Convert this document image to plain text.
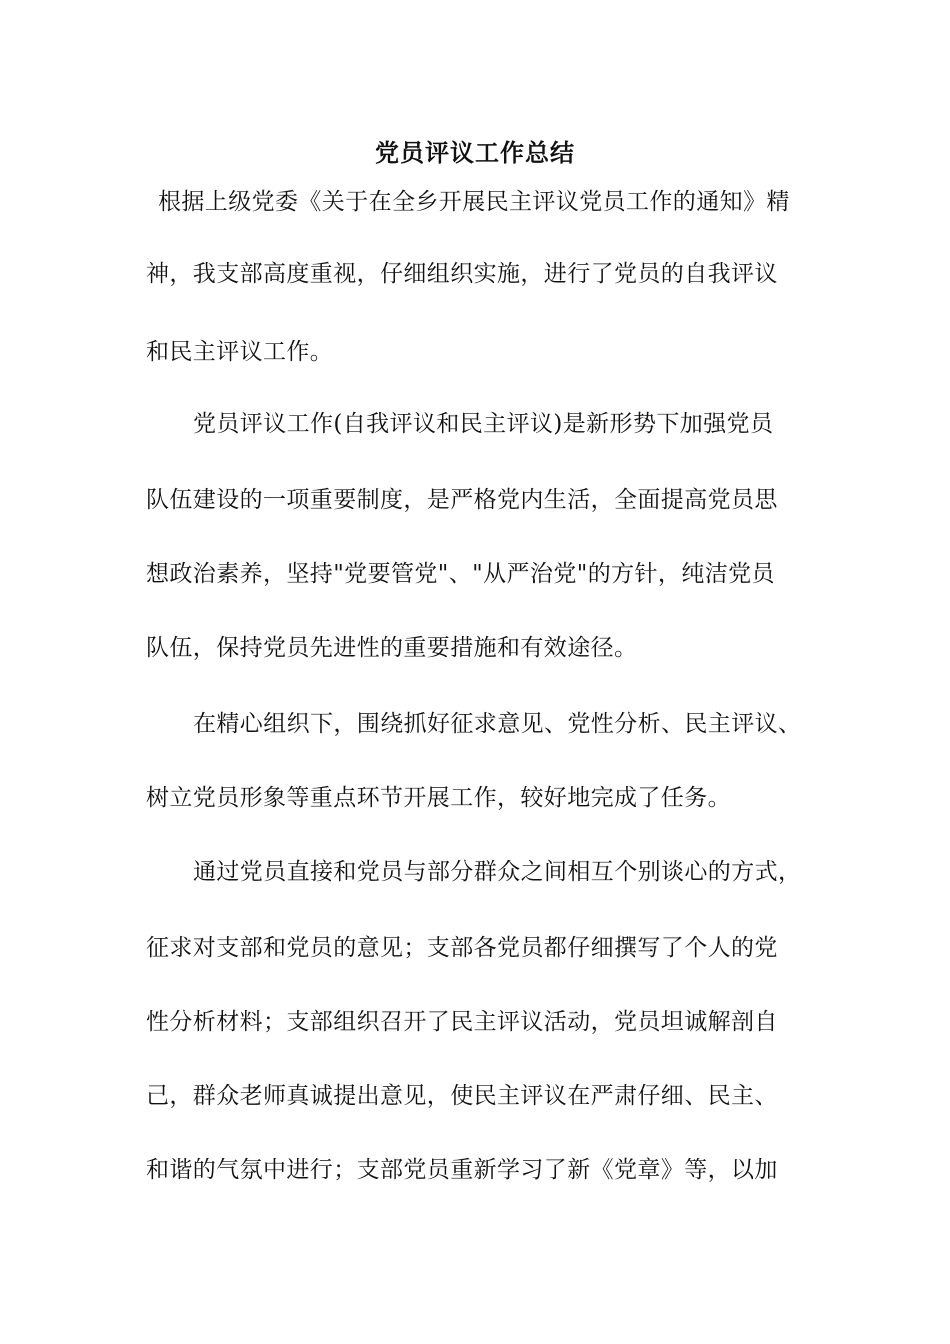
党员评议工作总结

根据上级党委《关于在全乡开展民主评议党员工作的通知》精

神，我支部高度重视，仔细组织实施，进行了党员的自我评议

和民主评议工作。

党员评议工作(自我评议和民主评议)是新形势下加强党员

队伍建设的一项重要制度，是严格党内生活，全面提高党员思

想政治素养，坚持"党要管党"、"从严治党"的方针，纯洁党员

队伍，保持党员先进性的重要措施和有效途径。

在精心组织下，围绕抓好征求意见、党性分析、民主评议、

树立党员形象等重点环节开展工作，较好地完成了任务。

通过党员直接和党员与部分群众之间相互个别谈心的方式，

征求对支部和党员的意见；支部各党员都仔细撰写了个人的党

性分析材料；支部组织召开了民主评议活动，党员坦诚解剖自

己，群众老师真诚提出意见，使民主评议在严肃仔细、民主、

和谐的气氛中进行；支部党员重新学习了新《党章》等，以加
